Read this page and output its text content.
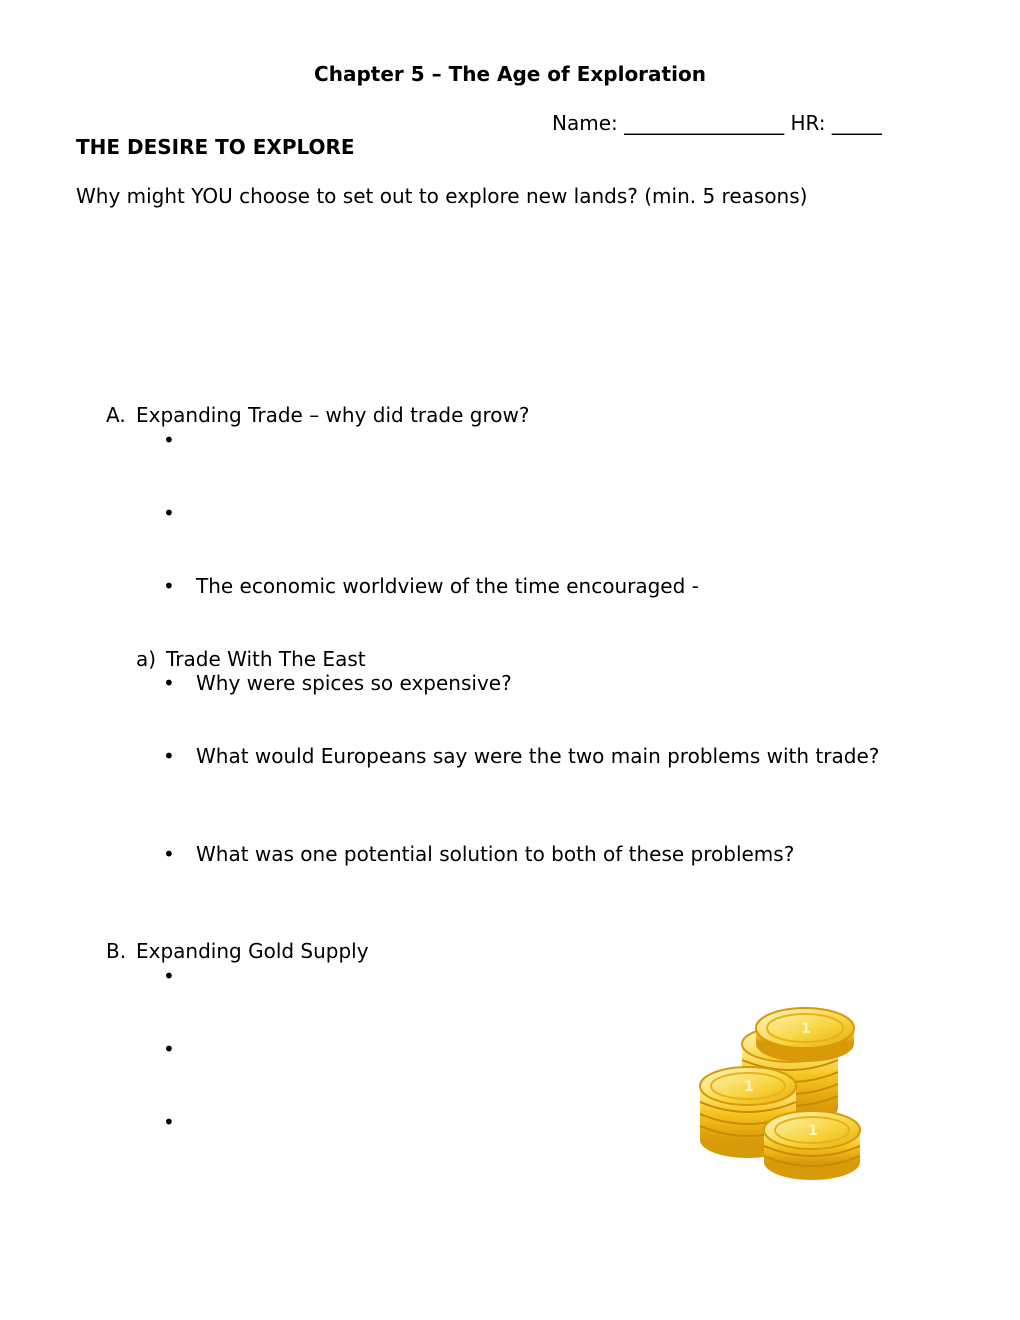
Chapter 5 – The Age of Exploration
Name: ________________ HR: _____
THE DESIRE TO EXPLORE
Why might YOU choose to set out to explore new lands? (min. 5 reasons)
A. Expanding Trade – why did trade grow?
•
•
• The economic worldview of the time encouraged -
a) Trade With The East
• Why were spices so expensive?
• What would Europeans say were the two main problems with trade?
• What was one potential solution to both of these problems?
B. Expanding Gold Supply
•
•
•
1
1
1
